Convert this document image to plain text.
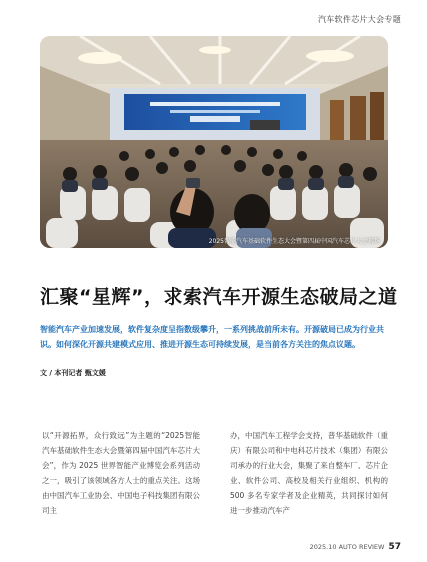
汽车软件芯片大会专题
2025智能汽车基础软件生态大会暨第四届中国汽车芯片大会现场
汇聚“星辉”，求索汽车开源生态破局之道

智能汽车产业加速发展，软件复杂度呈指数级攀升，一系列挑战前所未有。开源破局已成为行业共识。如何深化开源共建模式应用、推进开源生态可持续发展，是当前各方关注的焦点议题。

文 / 本刊记者 甄文媛

以“开源拓界，众行致远”为主题的“2025智能汽车基础软件生态大会暨第四届中国汽车芯片大会”，作为 2025 世界智能产业博览会系列活动之一，吸引了该领域各方人士的重点关注。这场由中国汽车工业协会、中国电子科技集团有限公司主

办，中国汽车工程学会支持，普华基础软件（重庆）有限公司和中电科芯片技术（集团）有限公司承办的行业大会，集聚了来自整车厂、芯片企业、软件公司、高校及相关行业组织、机构的 500 多名专家学者及企业精英，共同探讨如何进一步推动汽车产

2025.10 AUTO REVIEW 57
